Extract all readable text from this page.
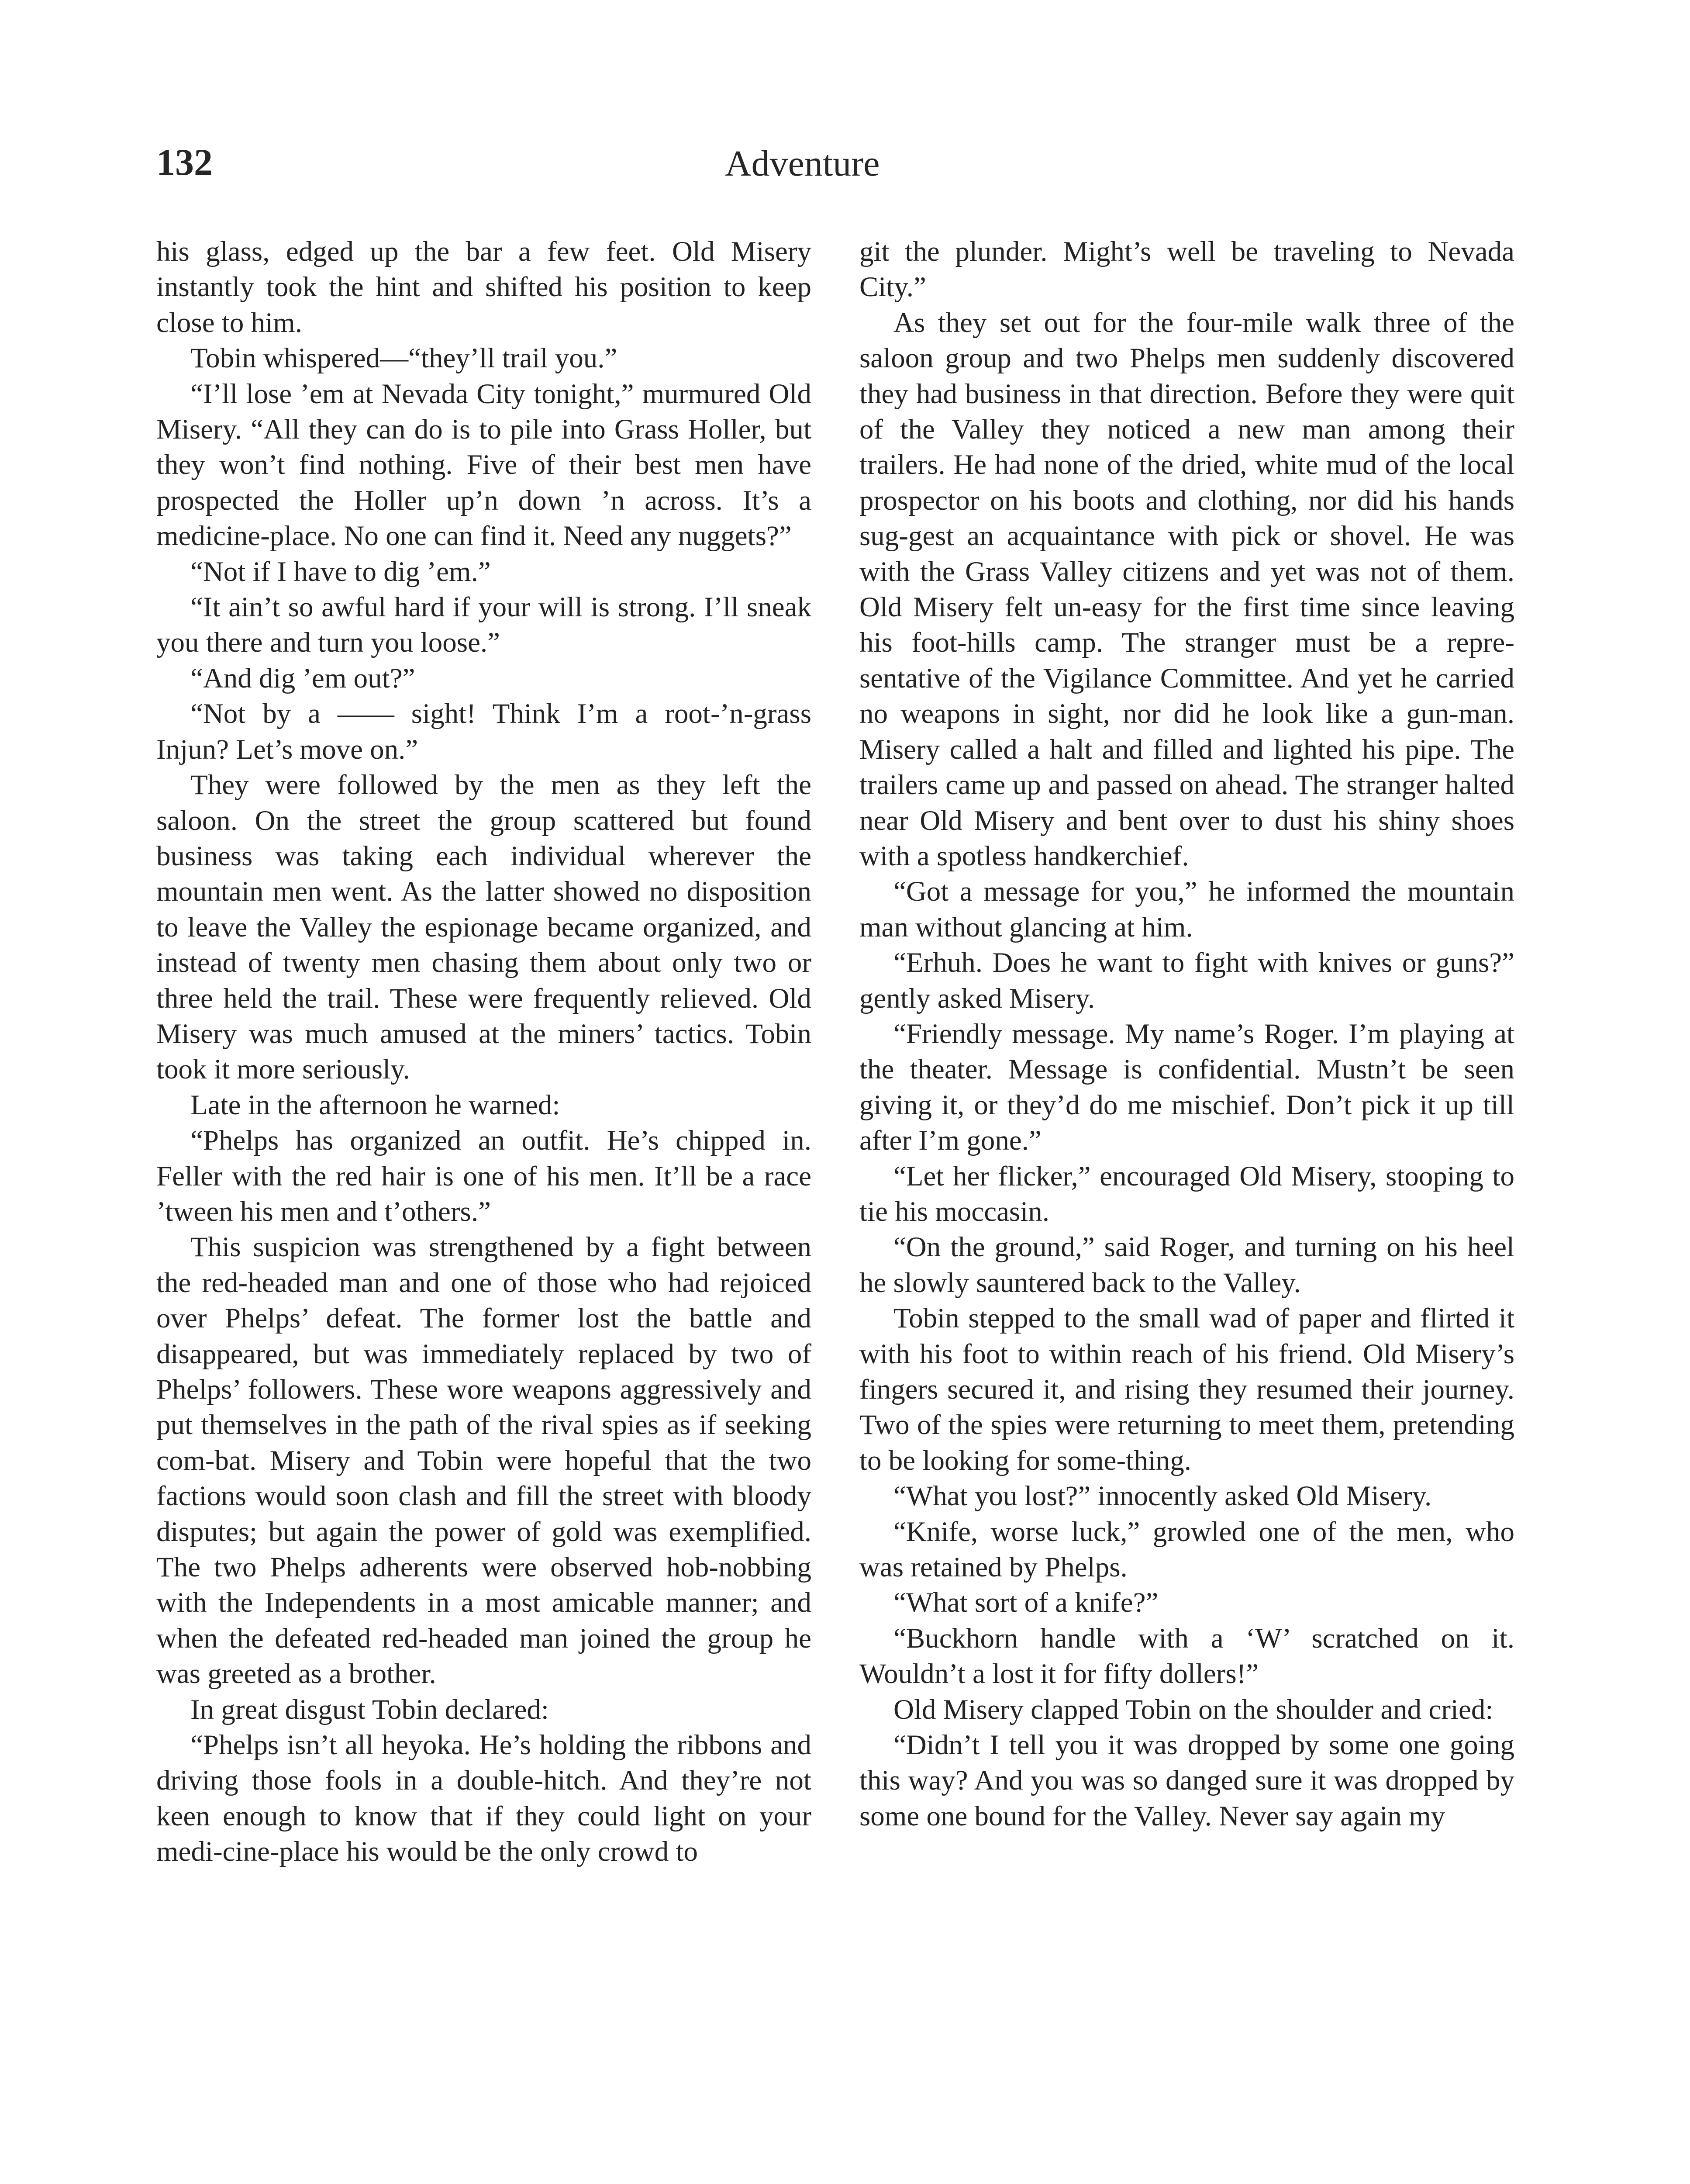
132	Adventure

his glass, edged up the bar a few feet. Old Misery instantly took the hint and shifted his position to keep close to him.

Tobin whispered—“they’ll trail you.”

“I’ll lose ’em at Nevada City tonight,” murmured Old Misery. “All they can do is to pile into Grass Holler, but they won’t find nothing. Five of their best men have prospected the Holler up’n down ’n across. It’s a medicine-place. No one can find it. Need any nuggets?”

“Not if I have to dig ’em.”

“It ain’t so awful hard if your will is strong. I’ll sneak you there and turn you loose.”

“And dig ’em out?”

“Not by a —— sight! Think I’m a root-’n-grass Injun? Let’s move on.”

They were followed by the men as they left the saloon. On the street the group scattered but found business was taking each individual wherever the mountain men went. As the latter showed no disposition to leave the Valley the espionage became organized, and instead of twenty men chasing them about only two or three held the trail. These were frequently relieved. Old Misery was much amused at the miners’ tactics. Tobin took it more seriously.

Late in the afternoon he warned:

“Phelps has organized an outfit. He’s chipped in. Feller with the red hair is one of his men. It’ll be a race ’tween his men and t’others.”

This suspicion was strengthened by a fight between the red-headed man and one of those who had rejoiced over Phelps’ defeat. The former lost the battle and disappeared, but was immediately replaced by two of Phelps’ followers. These wore weapons aggressively and put themselves in the path of the rival spies as if seeking com-bat. Misery and Tobin were hopeful that the two factions would soon clash and fill the street with bloody disputes; but again the power of gold was exemplified. The two Phelps adherents were observed hob-nobbing with the Independents in a most amicable manner; and when the defeated red-headed man joined the group he was greeted as a brother.

In great disgust Tobin declared:

“Phelps isn’t all heyoka. He’s holding the ribbons and driving those fools in a double-hitch. And they’re not keen enough to know that if they could light on your medi-cine-place his would be the only crowd to

git the plunder. Might’s well be traveling to Nevada City.”

As they set out for the four-mile walk three of the saloon group and two Phelps men suddenly discovered they had business in that direction. Before they were quit of the Valley they noticed a new man among their trailers. He had none of the dried, white mud of the local prospector on his boots and clothing, nor did his hands sug-gest an acquaintance with pick or shovel. He was with the Grass Valley citizens and yet was not of them. Old Misery felt un-easy for the first time since leaving his foot-hills camp. The stranger must be a repre-sentative of the Vigilance Committee. And yet he carried no weapons in sight, nor did he look like a gun-man. Misery called a halt and filled and lighted his pipe. The trailers came up and passed on ahead. The stranger halted near Old Misery and bent over to dust his shiny shoes with a spotless handkerchief.

“Got a message for you,” he informed the mountain man without glancing at him.

“Erhuh. Does he want to fight with knives or guns?” gently asked Misery.

“Friendly message. My name’s Roger. I’m playing at the theater. Message is confidential. Mustn’t be seen giving it, or they’d do me mischief. Don’t pick it up till after I’m gone.”

“Let her flicker,” encouraged Old Misery, stooping to tie his moccasin.

“On the ground,” said Roger, and turning on his heel he slowly sauntered back to the Valley.

Tobin stepped to the small wad of paper and flirted it with his foot to within reach of his friend. Old Misery’s fingers secured it, and rising they resumed their journey. Two of the spies were returning to meet them, pretending to be looking for some-thing.

“What you lost?” innocently asked Old Misery.

“Knife, worse luck,” growled one of the men, who was retained by Phelps.

“What sort of a knife?”

“Buckhorn handle with a ‘W’ scratched on it. Wouldn’t a lost it for fifty dollers!”

Old Misery clapped Tobin on the shoulder and cried:

“Didn’t I tell you it was dropped by some one going this way? And you was so danged sure it was dropped by some one bound for the Valley. Never say again my
